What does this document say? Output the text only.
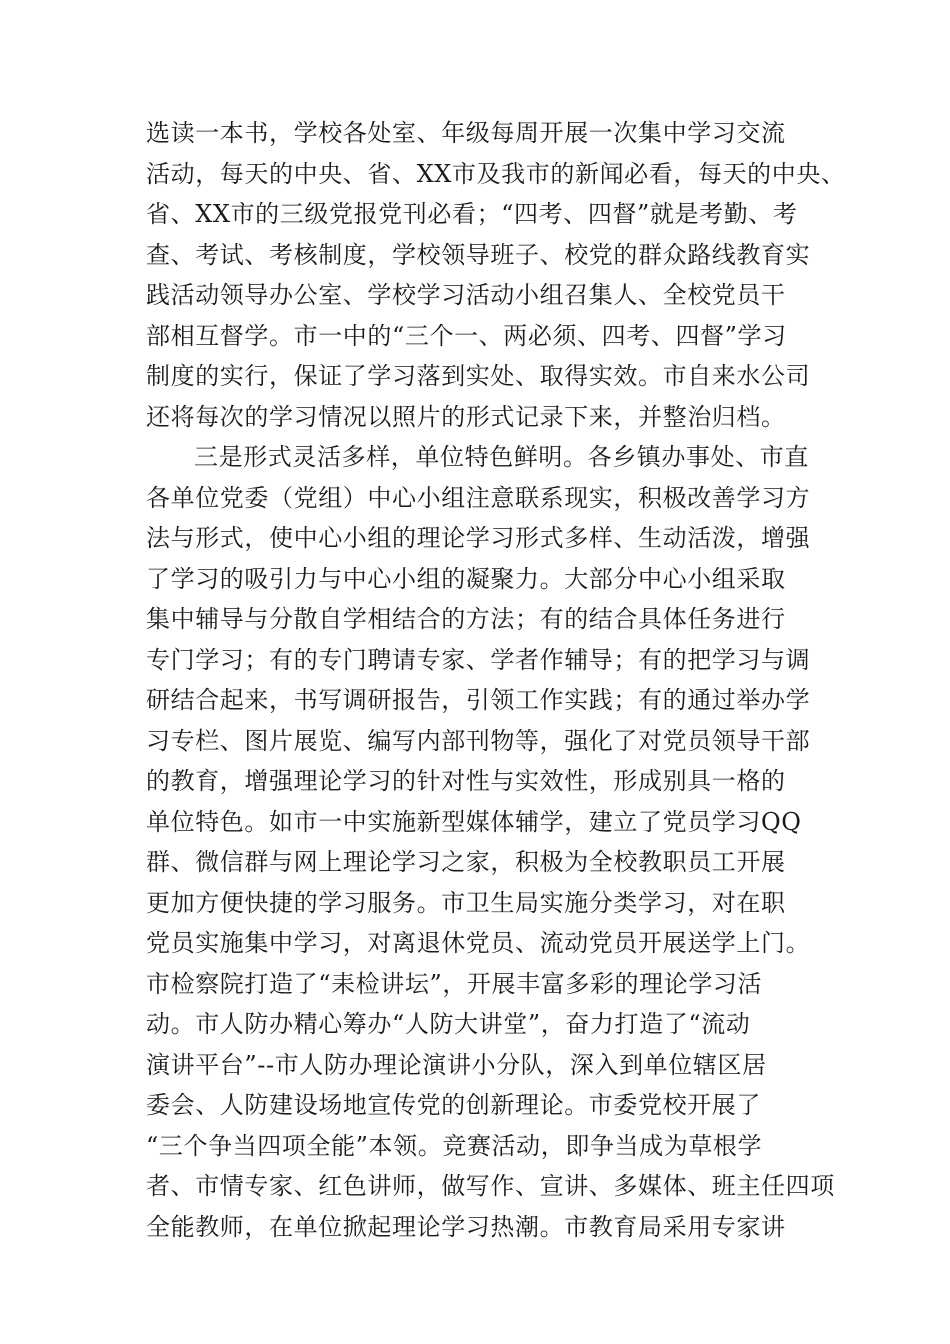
选读一本书，学校各处室、年级每周开展一次集中学习交流
活动，每天的中央、省、XX市及我市的新闻必看，每天的中央、
省、XX市的三级党报党刊必看；“四考、四督”就是考勤、考
查、考试、考核制度，学校领导班子、校党的群众路线教育实
践活动领导办公室、学校学习活动小组召集人、全校党员干
部相互督学。市一中的“三个一、两必须、四考、四督”学习
制度的实行，保证了学习落到实处、取得实效。市自来水公司
还将每次的学习情况以照片的形式记录下来，并整治归档。
三是形式灵活多样，单位特色鲜明。各乡镇办事处、市直
各单位党委（党组）中心小组注意联系现实，积极改善学习方
法与形式，使中心小组的理论学习形式多样、生动活泼，增强
了学习的吸引力与中心小组的凝聚力。大部分中心小组采取
集中辅导与分散自学相结合的方法；有的结合具体任务进行
专门学习；有的专门聘请专家、学者作辅导；有的把学习与调
研结合起来，书写调研报告，引领工作实践；有的通过举办学
习专栏、图片展览、编写内部刊物等，强化了对党员领导干部
的教育，增强理论学习的针对性与实效性，形成别具一格的
单位特色。如市一中实施新型媒体辅学，建立了党员学习QQ
群、微信群与网上理论学习之家，积极为全校教职员工开展
更加方便快捷的学习服务。市卫生局实施分类学习，对在职
党员实施集中学习，对离退休党员、流动党员开展送学上门。
市检察院打造了“耒检讲坛”，开展丰富多彩的理论学习活
动。市人防办精心筹办“人防大讲堂”，奋力打造了“流动
演讲平台”--市人防办理论演讲小分队，深入到单位辖区居
委会、人防建设场地宣传党的创新理论。市委党校开展了
“三个争当四项全能”本领。竞赛活动，即争当成为草根学
者、市情专家、红色讲师，做写作、宣讲、多媒体、班主任四项
全能教师，在单位掀起理论学习热潮。市教育局采用专家讲
